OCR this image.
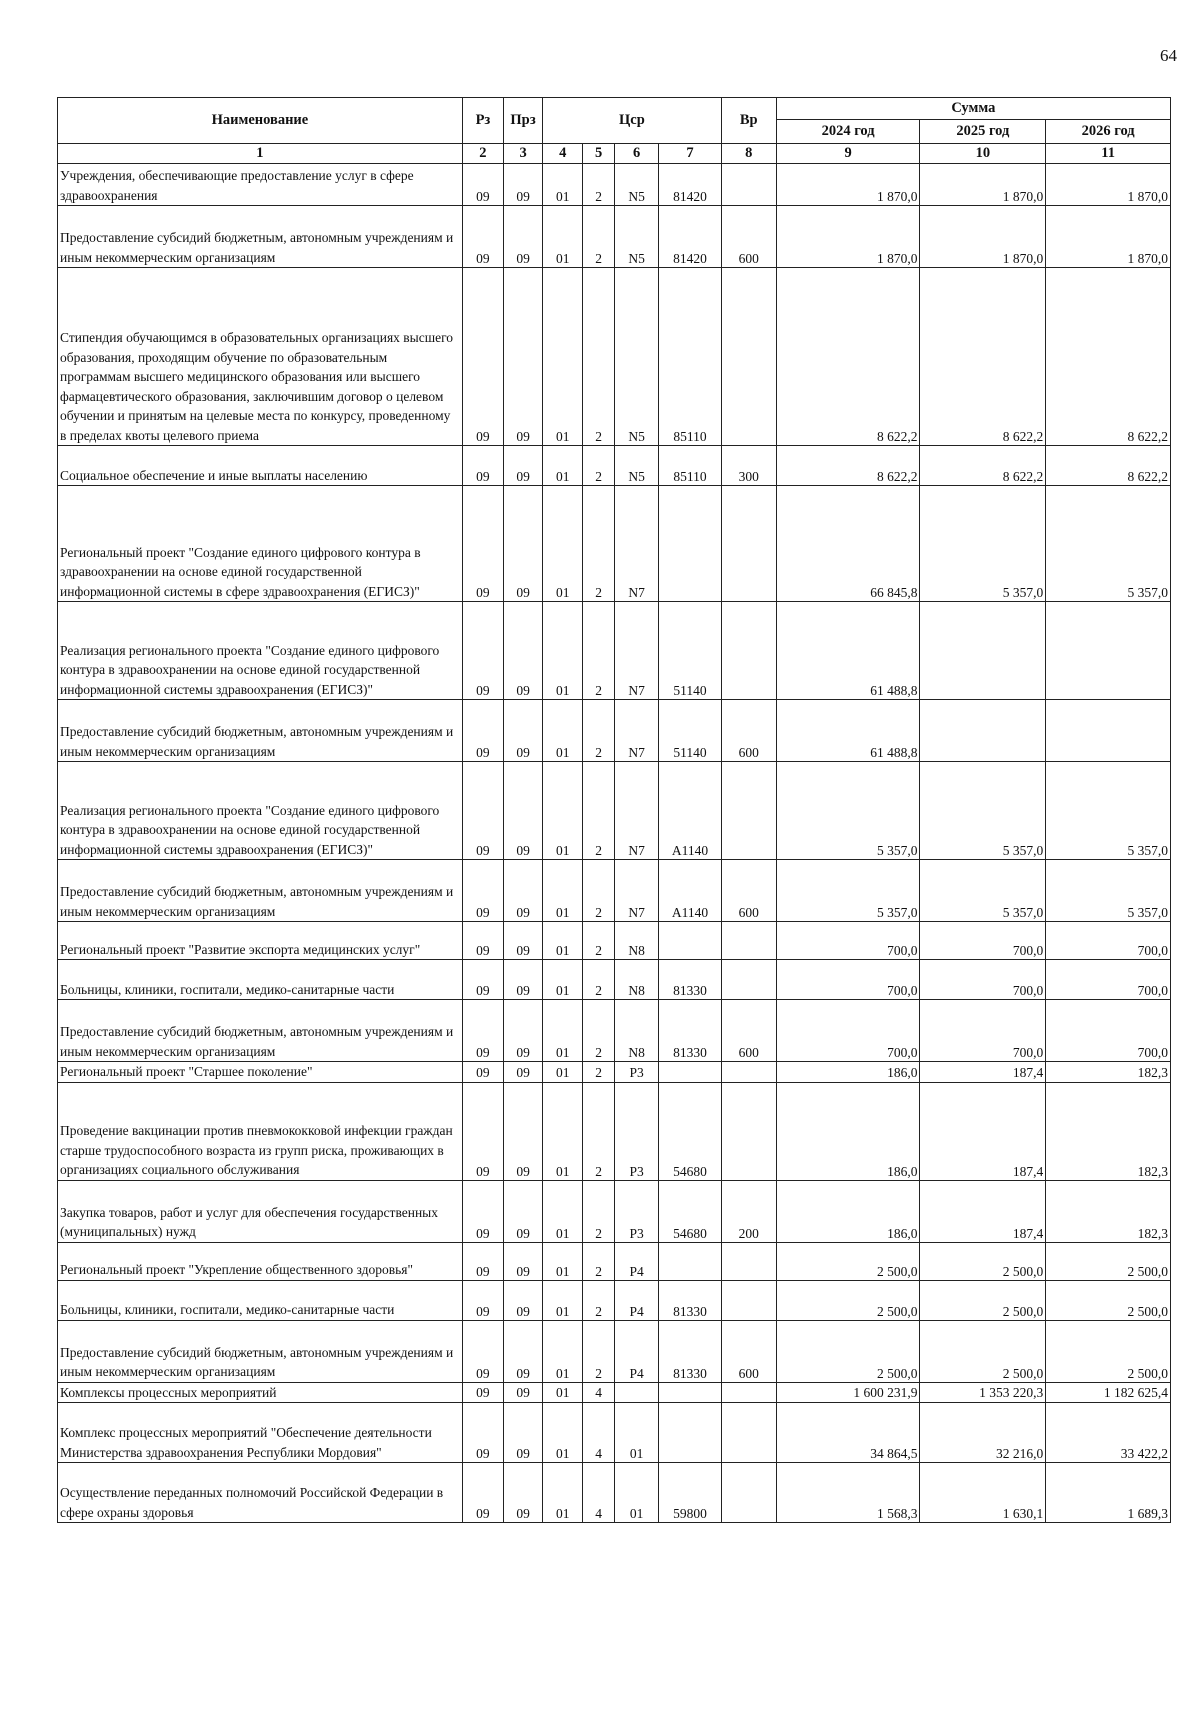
64
Наименование	Рз	Прз	Цср				Вр	Сумма		
								2024 год	2025 год	2026 год
1	2	3	4	5	6	7	8	9	10	11
Учреждения, обеспечивающие предоставление услуг в сфере здравоохранения	09	09	01	2	N5	81420		1 870,0	1 870,0	1 870,0
Предоставление субсидий бюджетным, автономным учреждениям и иным некоммерческим организациям	09	09	01	2	N5	81420	600	1 870,0	1 870,0	1 870,0
Стипендия обучающимся в образовательных организациях высшего образования, проходящим обучение по образовательным программам высшего медицинского образования или высшего фармацевтического образования, заключившим договор о целевом обучении и принятым на целевые места по конкурсу, проведенному в пределах квоты целевого приема	09	09	01	2	N5	85110		8 622,2	8 622,2	8 622,2
Социальное обеспечение и иные выплаты населению	09	09	01	2	N5	85110	300	8 622,2	8 622,2	8 622,2
Региональный проект "Создание единого цифрового контура в здравоохранении на основе единой государственной информационной системы в сфере здравоохранения (ЕГИСЗ)"	09	09	01	2	N7			66 845,8	5 357,0	5 357,0
Реализация регионального проекта "Создание единого цифрового контура в здравоохранении на основе единой государственной информационной системы здравоохранения (ЕГИСЗ)"	09	09	01	2	N7	51140		61 488,8		
Предоставление субсидий бюджетным, автономным учреждениям и иным некоммерческим организациям	09	09	01	2	N7	51140	600	61 488,8		
Реализация регионального проекта "Создание единого цифрового контура в здравоохранении на основе единой государственной информационной системы здравоохранения (ЕГИСЗ)"	09	09	01	2	N7	А1140		5 357,0	5 357,0	5 357,0
Предоставление субсидий бюджетным, автономным учреждениям и иным некоммерческим организациям	09	09	01	2	N7	А1140	600	5 357,0	5 357,0	5 357,0
Региональный проект "Развитие экспорта медицинских услуг"	09	09	01	2	N8			700,0	700,0	700,0
Больницы, клиники, госпитали, медико-санитарные части	09	09	01	2	N8	81330		700,0	700,0	700,0
Предоставление субсидий бюджетным, автономным учреждениям и иным некоммерческим организациям	09	09	01	2	N8	81330	600	700,0	700,0	700,0
Региональный проект "Старшее поколение"	09	09	01	2	P3			186,0	187,4	182,3
Проведение вакцинации против пневмококковой инфекции граждан старше трудоспособного возраста из групп риска, проживающих в организациях социального обслуживания	09	09	01	2	P3	54680		186,0	187,4	182,3
Закупка товаров, работ и услуг для обеспечения государственных (муниципальных) нужд	09	09	01	2	P3	54680	200	186,0	187,4	182,3
Региональный проект "Укрепление общественного здоровья"	09	09	01	2	P4			2 500,0	2 500,0	2 500,0
Больницы, клиники, госпитали, медико-санитарные части	09	09	01	2	P4	81330		2 500,0	2 500,0	2 500,0
Предоставление субсидий бюджетным, автономным учреждениям и иным некоммерческим организациям	09	09	01	2	P4	81330	600	2 500,0	2 500,0	2 500,0
Комплексы процессных мероприятий	09	09	01	4				1 600 231,9	1 353 220,3	1 182 625,4
Комплекс процессных мероприятий "Обеспечение деятельности Министерства здравоохранения Республики Мордовия"	09	09	01	4	01			34 864,5	32 216,0	33 422,2
Осуществление переданных полномочий Российской Федерации в сфере охраны здоровья	09	09	01	4	01	59800		1 568,3	1 630,1	1 689,3
